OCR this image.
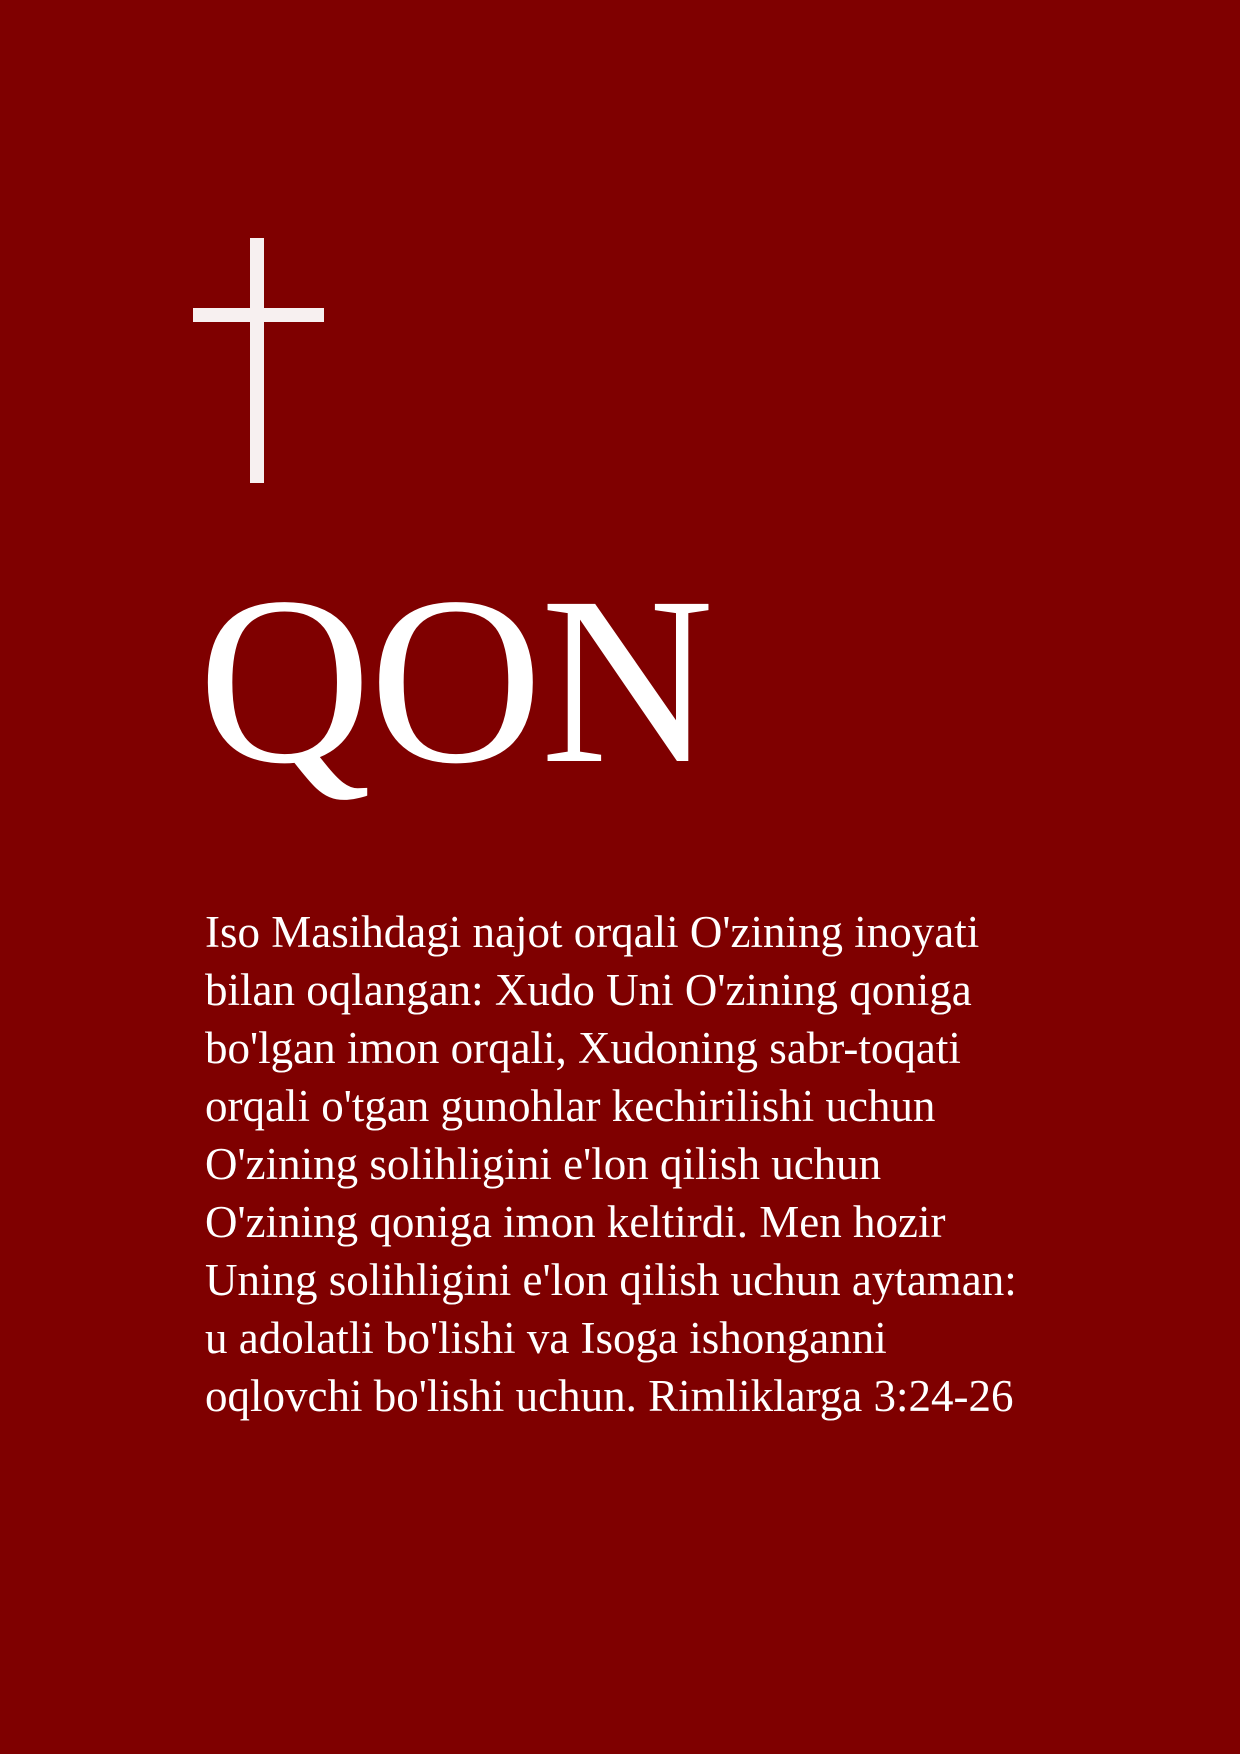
QON

Iso Masihdagi najot orqali O'zining inoyati
bilan oqlangan: Xudo Uni O'zining qoniga
bo'lgan imon orqali, Xudoning sabr-toqati
orqali o'tgan gunohlar kechirilishi uchun
O'zining solihligini e'lon qilish uchun
O'zining qoniga imon keltirdi. Men hozir
Uning solihligini e'lon qilish uchun aytaman:
u adolatli bo'lishi va Isoga ishonganni
oqlovchi bo'lishi uchun. Rimliklarga 3:24-26
